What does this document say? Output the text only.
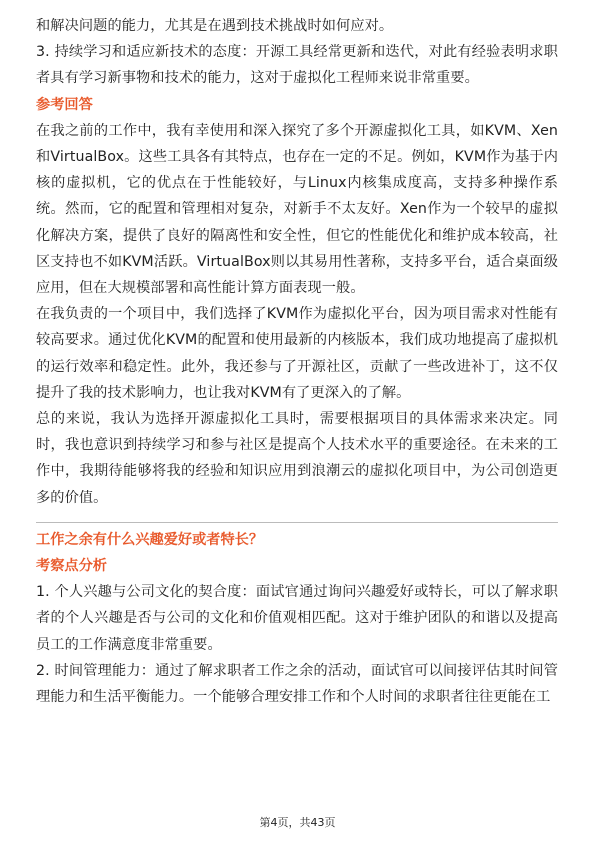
和解决问题的能力，尤其是在遇到技术挑战时如何应对。

3. 持续学习和适应新技术的态度：开源工具经常更新和迭代，对此有经验表明求职者具有学习新事物和技术的能力，这对于虚拟化工程师来说非常重要。

参考回答

在我之前的工作中，我有幸使用和深入探究了多个开源虚拟化工具，如KVM、Xen和VirtualBox。这些工具各有其特点，也存在一定的不足。例如，KVM作为基于内核的虚拟机，它的优点在于性能较好，与Linux内核集成度高，支持多种操作系统。然而，它的配置和管理相对复杂，对新手不太友好。Xen作为一个较早的虚拟化解决方案，提供了良好的隔离性和安全性，但它的性能优化和维护成本较高，社区支持也不如KVM活跃。VirtualBox则以其易用性著称，支持多平台，适合桌面级应用，但在大规模部署和高性能计算方面表现一般。

在我负责的一个项目中，我们选择了KVM作为虚拟化平台，因为项目需求对性能有较高要求。通过优化KVM的配置和使用最新的内核版本，我们成功地提高了虚拟机的运行效率和稳定性。此外，我还参与了开源社区，贡献了一些改进补丁，这不仅提升了我的技术影响力，也让我对KVM有了更深入的了解。

总的来说，我认为选择开源虚拟化工具时，需要根据项目的具体需求来决定。同时，我也意识到持续学习和参与社区是提高个人技术水平的重要途径。在未来的工作中，我期待能够将我的经验和知识应用到浪潮云的虚拟化项目中，为公司创造更多的价值。

工作之余有什么兴趣爱好或者特长？

考察点分析

1. 个人兴趣与公司文化的契合度：面试官通过询问兴趣爱好或特长，可以了解求职者的个人兴趣是否与公司的文化和价值观相匹配。这对于维护团队的和谐以及提高员工的工作满意度非常重要。

2. 时间管理能力：通过了解求职者工作之余的活动，面试官可以间接评估其时间管理能力和生活平衡能力。一个能够合理安排工作和个人时间的求职者往往更能在工

第4页，共43页
